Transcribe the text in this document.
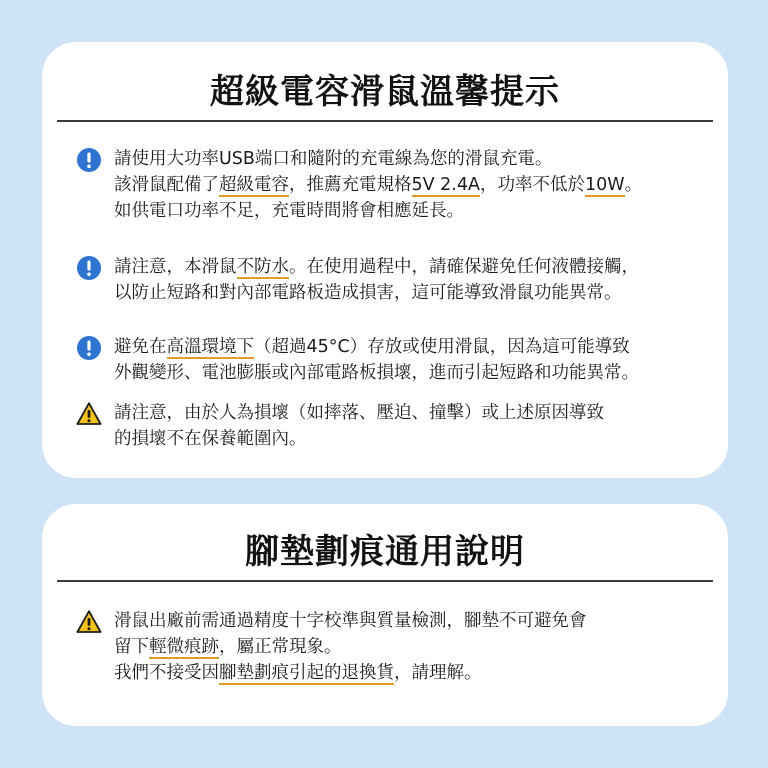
超級電容滑鼠溫馨提示
請使用大功率USB端口和隨附的充電線為您的滑鼠充電。
該滑鼠配備了超級電容，推薦充電規格5V 2.4A，功率不低於10W。
如供電口功率不足，充電時間將會相應延長。
請注意，本滑鼠不防水。在使用過程中，請確保避免任何液體接觸，
以防止短路和對內部電路板造成損害，這可能導致滑鼠功能異常。
避免在高溫環境下（超過45°C）存放或使用滑鼠，因為這可能導致
外觀變形、電池膨脹或內部電路板損壞，進而引起短路和功能異常。
請注意，由於人為損壞（如摔落、壓迫、撞擊）或上述原因導致
的損壞不在保養範圍內。
腳墊劃痕通用說明
滑鼠出廠前需通過精度十字校準與質量檢測，腳墊不可避免會
留下輕微痕跡，屬正常現象。
我們不接受因腳墊劃痕引起的退換貨，請理解。
